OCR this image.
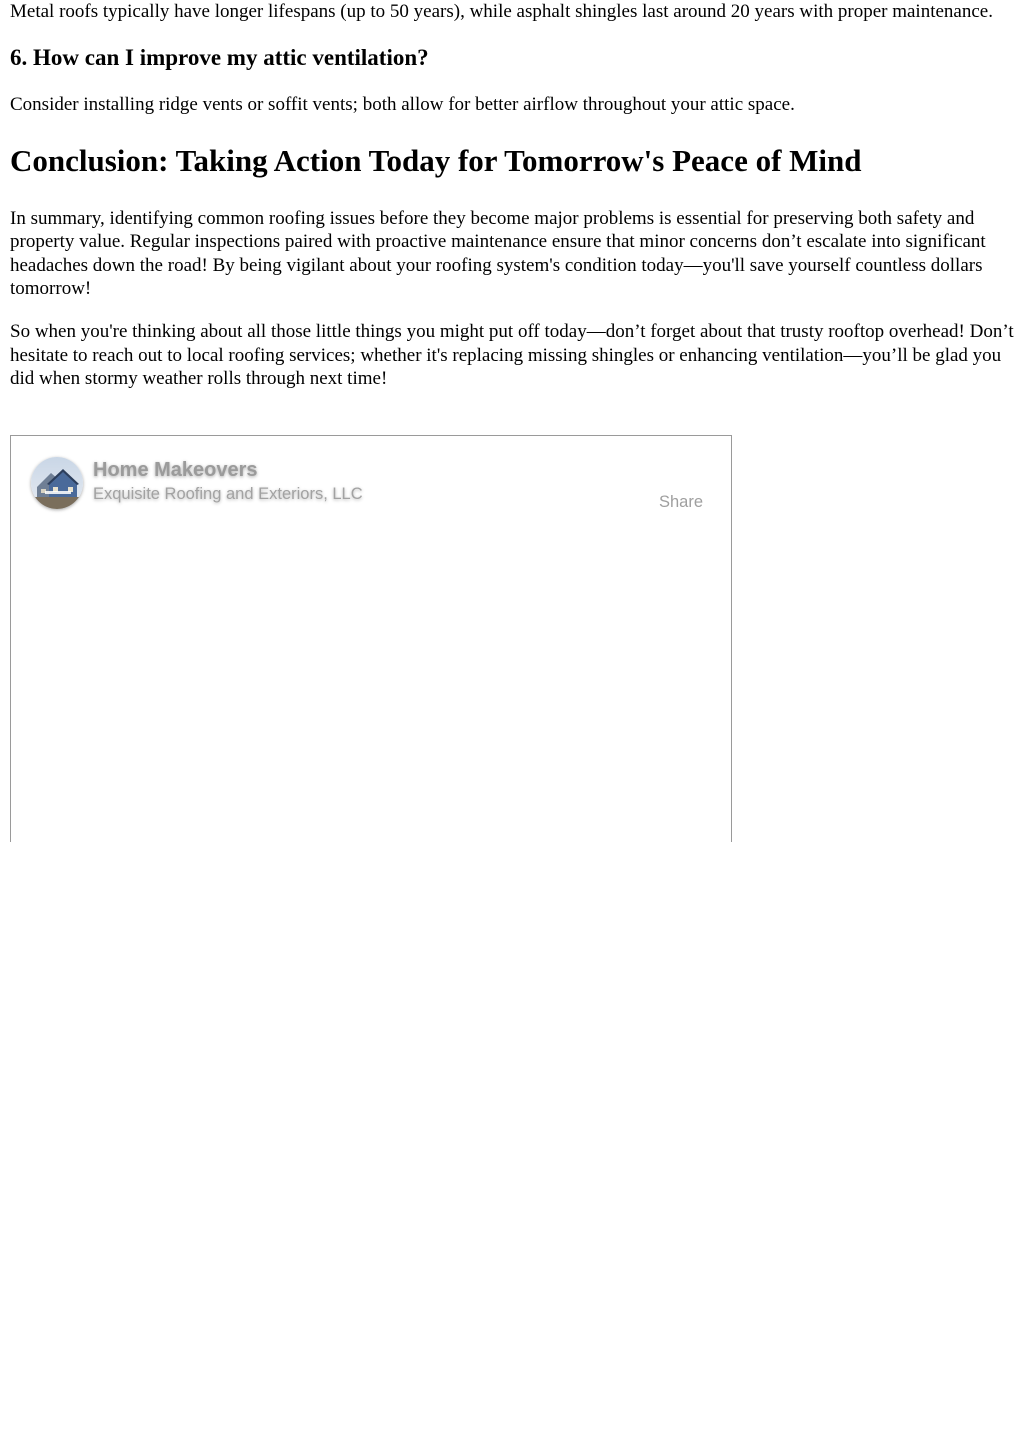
Metal roofs typically have longer lifespans (up to 50 years), while asphalt shingles last around 20 years with proper maintenance.

6. How can I improve my attic ventilation?

Consider installing ridge vents or soffit vents; both allow for better airflow throughout your attic space.

Conclusion: Taking Action Today for Tomorrow's Peace of Mind

In summary, identifying common roofing issues before they become major problems is essential for preserving both safety and property value. Regular inspections paired with proactive maintenance ensure that minor concerns don’t escalate into significant headaches down the road! By being vigilant about your roofing system's condition today—you'll save yourself countless dollars tomorrow!

So when you're thinking about all those little things you might put off today—don’t forget about that trusty rooftop overhead! Don’t hesitate to reach out to local roofing services; whether it's replacing missing shingles or enhancing ventilation—you’ll be glad you did when stormy weather rolls through next time!

Home Makeovers
Exquisite Roofing and Exteriors, LLC	Share
